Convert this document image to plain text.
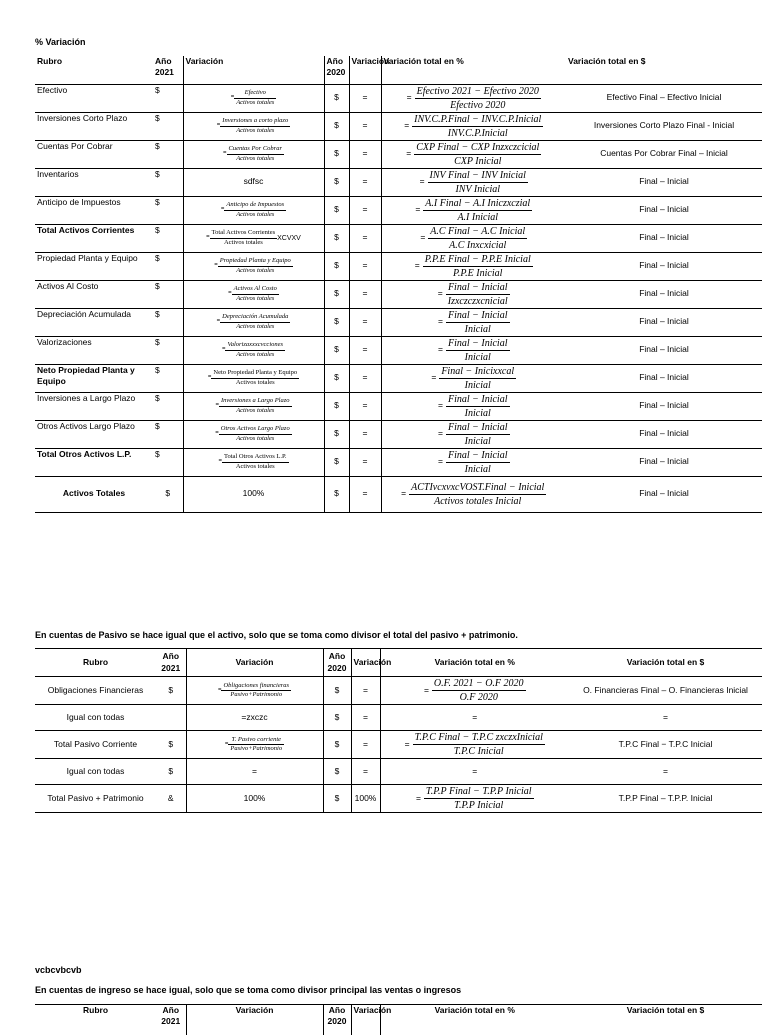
% Variación
Rubro	Año 2021	Variación	Año 2020	Variación	Variación total en %	Variación total en $
Efectivo	$	= $\frac{\text{Efectivo}}{\text{Activos totales}}$	$	=	= $\frac{\text{Efectivo 2021 − Efectivo 2020}}{\text{Efectivo 2020}}$	Efectivo Final – Efectivo Inicial
Inversiones Corto Plazo	$	= $\frac{\text{Inversiones a corto plazo}}{\text{Activos totales}}$	$	=	= $\frac{\text{INV.C.P.Final − INV.C.P.Inicial}}{\text{INV.C.P.Inicial}}$	Inversiones Corto Plazo Final - Inicial
Cuentas Por Cobrar	$	= $\frac{\text{Cuentas Por Cobrar}}{\text{Activos totales}}$	$	=	= $\frac{\text{CXP Final − CXP Inzxczcicial}}{\text{CXP Inicial}}$	Cuentas Por Cobrar Final – Inicial
Inventarios	$	sdfsc	$	=	= $\frac{\text{INV Final − INV Inicial}}{\text{INV Inicial}}$	Final – Inicial
Anticipo de Impuestos	$	= $\frac{\text{Anticipo de Impuestos}}{\text{Activos totales}}$	$	=	= $\frac{\text{A.I Final − A.I Iniczxczial}}{\text{A.I Inicial}}$	Final – Inicial
Total Activos Corrientes	$	= $\frac{\text{Total Activos Corrientes}}{\text{Activos totales}}$ XCVXV	$	=	= $\frac{\text{A.C Final − A.C Inicial}}{\text{A.C Inxcxicial}}$	Final – Inicial
Propiedad Planta y Equipo	$	= $\frac{\text{Propiedad Planta y Equipo}}{\text{Activos totales}}$	$	=	= $\frac{\text{P.P.E Final − P.P.E Inicial}}{\text{P.P.E Inicial}}$	Final – Inicial
Activos Al Costo	$	= $\frac{\text{Activos Al Costo}}{\text{Activos totales}}$	$	=	= $\frac{\text{Final − Inicial}}{\text{Izxczczxcnicial}}$	Final – Inicial
Depreciación Acumulada	$	= $\frac{\text{Depreciación Acumulada}}{\text{Activos totales}}$	$	=	= $\frac{\text{Final − Inicial}}{\text{Inicial}}$	Final – Inicial
Valorizaciones	$	= $\frac{\text{Valorizaxxxcvcciones}}{\text{Activos totales}}$	$	=	= $\frac{\text{Final − Inicial}}{\text{Inicial}}$	Final – Inicial
Neto Propiedad Planta y Equipo	$	= $\frac{\text{Neto Propiedad Planta y Equipo}}{\text{Activos totales}}$	$	=	= $\frac{\text{Final − Inicixxcal}}{\text{Inicial}}$	Final – Inicial
Inversiones a Largo Plazo	$	= $\frac{\text{Inversiones a Largo Plazo}}{\text{Activos totales}}$	$	=	= $\frac{\text{Final − Inicial}}{\text{Inicial}}$	Final – Inicial
Otros Activos Largo Plazo	$	= $\frac{\text{Otros Activos Largo Plazo}}{\text{Activos totales}}$	$	=	= $\frac{\text{Final − Inicial}}{\text{Inicial}}$	Final – Inicial
Total Otros Activos L.P.	$	= $\frac{\text{Total Otros Activos L.P.}}{\text{Activos totales}}$	$	=	= $\frac{\text{Final − Inicial}}{\text{Inicial}}$	Final – Inicial
Activos Totales	$	100%	$	=	= $\frac{\text{ACTIvcxvxcVOST.Final − Inicial}}{\text{Activos totales Inicial}}$	Final – Inicial
En cuentas de Pasivo se hace igual que el activo, solo que se toma como divisor el total del pasivo + patrimonio.
Rubro	Año 2021	Variación	Año 2020	Variación	Variación total en %	Variación total en $
Obligaciones Financieras	$	= $\frac{\text{Obligaciones financieras}}{\text{Pasivo+Patrimonio}}$	$	=	= $\frac{O.F. 2021 - O.F 2020}{O.F 2020}$	O. Financieras Final – O. Financieras Inicial
Igual con todas		=zxczc	$	=	=	=
Total Pasivo Corriente	$	= $\frac{\text{T. Pasivo corriente}}{\text{Pasivo+Patrimonio}}$	$	=	= $\frac{\text{T.P.C Final − T.P.C zxczxInicial}}{\text{T.P.C Inicial}}$	T.P.C Final − T.P.C Inicial
Igual con todas	$	=	$	=	=	=
Total Pasivo + Patrimonio	&	100%	$	100%	= $\frac{\text{T.P.P Final − T.P.P Inicial}}{\text{T.P.P Inicial}}$	T.P.P Final – T.P.P. Inicial
vcbcvbcvb
En cuentas de ingreso se hace igual, solo que se toma como divisor principal las ventas o ingresos
Rubro	Año 2021	Variación	Año 2020	Variación	Variación total en %	Variación total en $
